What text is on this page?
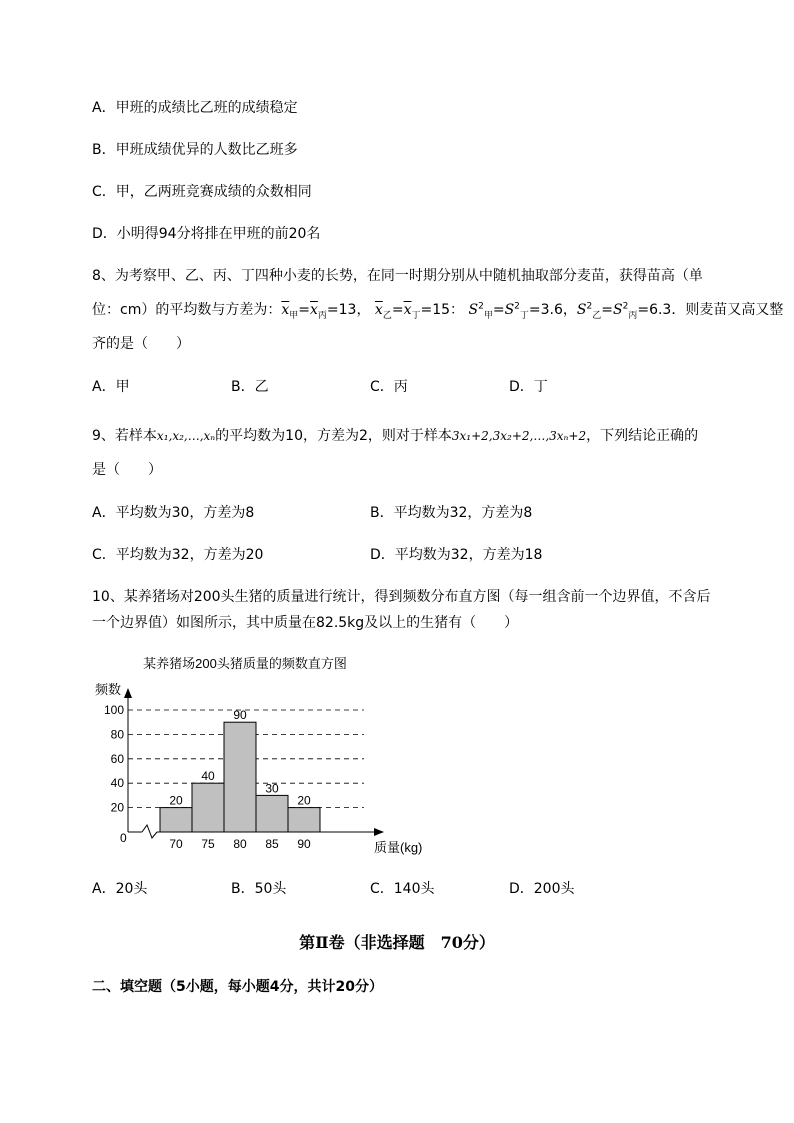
A．甲班的成绩比乙班的成绩稳定
B．甲班成绩优异的人数比乙班多
C．甲，乙两班竞赛成绩的众数相同
D．小明得94分将排在甲班的前20名
8、为考察甲、乙、丙、丁四种小麦的长势，在同一时期分别从中随机抽取部分麦苗，获得苗高（单
位：cm）的平均数与方差为：$\overline{x}_甲=\overline{x}_丙=13$， $\overline{x}_乙=\overline{x}_丁=15$： $S^2_甲=S^2_丁=3.6$，$S^2_乙=S^2_丙=6.3$．则麦苗又高又整
齐的是（　　）
A．甲	B．乙	C．丙	D．丁
9、若样本x₁,x₂,…,xₙ的平均数为10，方差为2，则对于样本3x₁+2,3x₂+2,…,3xₙ+2，下列结论正确的
是（　　）
A．平均数为30，方差为8	B．平均数为32，方差为8
C．平均数为32，方差为20	D．平均数为32，方差为18
10、某养猪场对200头生猪的质量进行统计，得到频数分布直方图（每一组含前一个边界值，不含后
一个边界值）如图所示，其中质量在82.5kg及以上的生猪有（　　）
某养猪场200头猪质量的频数直方图
频数
质量(kg)
0
20
40
60
80
100
20
70
40
75
90
80
30
85
20
90
A．20头	B．50头	C．140头	D．200头
第Ⅱ卷（非选择题　70分）
二、填空题（5小题，每小题4分，共计20分）
